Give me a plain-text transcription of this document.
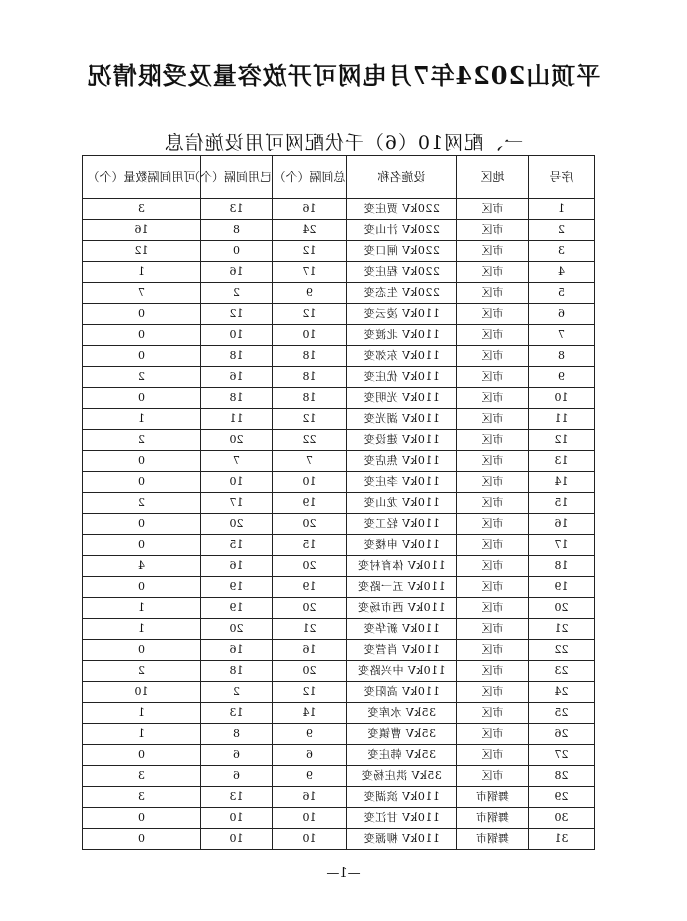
平顶山2024年7月电网可开放容量及受限情况
一、配网10（6）千伏配网可用设施信息
序号	地区	设施名称	总间隔（个）	已用间隔（个）	可用间隔数量（个）
1	市区	220kV 贾庄变	16	13	3
2	市区	220kV 汁山变	24	8	16
3	市区	220kV 闸口变	12	0	12
4	市区	220kV 程庄变	17	16	1
5	市区	220kV 生态变	9	2	7
6	市区	110kV 凌云变	12	12	0
7	市区	110kV 北渡变	10	10	0
8	市区	110kV 东郊变	18	18	0
9	市区	110kV 优庄变	18	16	2
10	市区	110kV 光明变	18	18	0
11	市区	110kV 湖光变	12	11	1
12	市区	110kV 建设变	22	20	2
13	市区	110kV 焦店变	7	7	0
14	市区	110kV 李庄变	10	10	0
15	市区	110kV 龙山变	19	17	2
16	市区	110kV 轻工变	20	20	0
17	市区	110kV 申楼变	15	15	0
18	市区	110kV 体育村变	20	16	4
19	市区	110kV 五一路变	19	19	0
20	市区	110kV 西市场变	20	19	1
21	市区	110kV 新华变	21	20	1
22	市区	110kV 肖营变	16	16	0
23	市区	110kV 中兴路变	20	18	2
24	市区	110kV 高阳变	12	2	10
25	市区	35kV 水库变	14	13	1
26	市区	35kV 曹镇变	9	8	1
27	市区	35kV 韩庄变	6	6	0
28	市区	35kV 洪庄杨变	9	6	3
29	舞钢市	110kV 滨湖变	16	13	3
30	舞钢市	110kV 甘江变	10	10	0
31	舞钢市	110kV 柳源变	10	10	0
—1—
